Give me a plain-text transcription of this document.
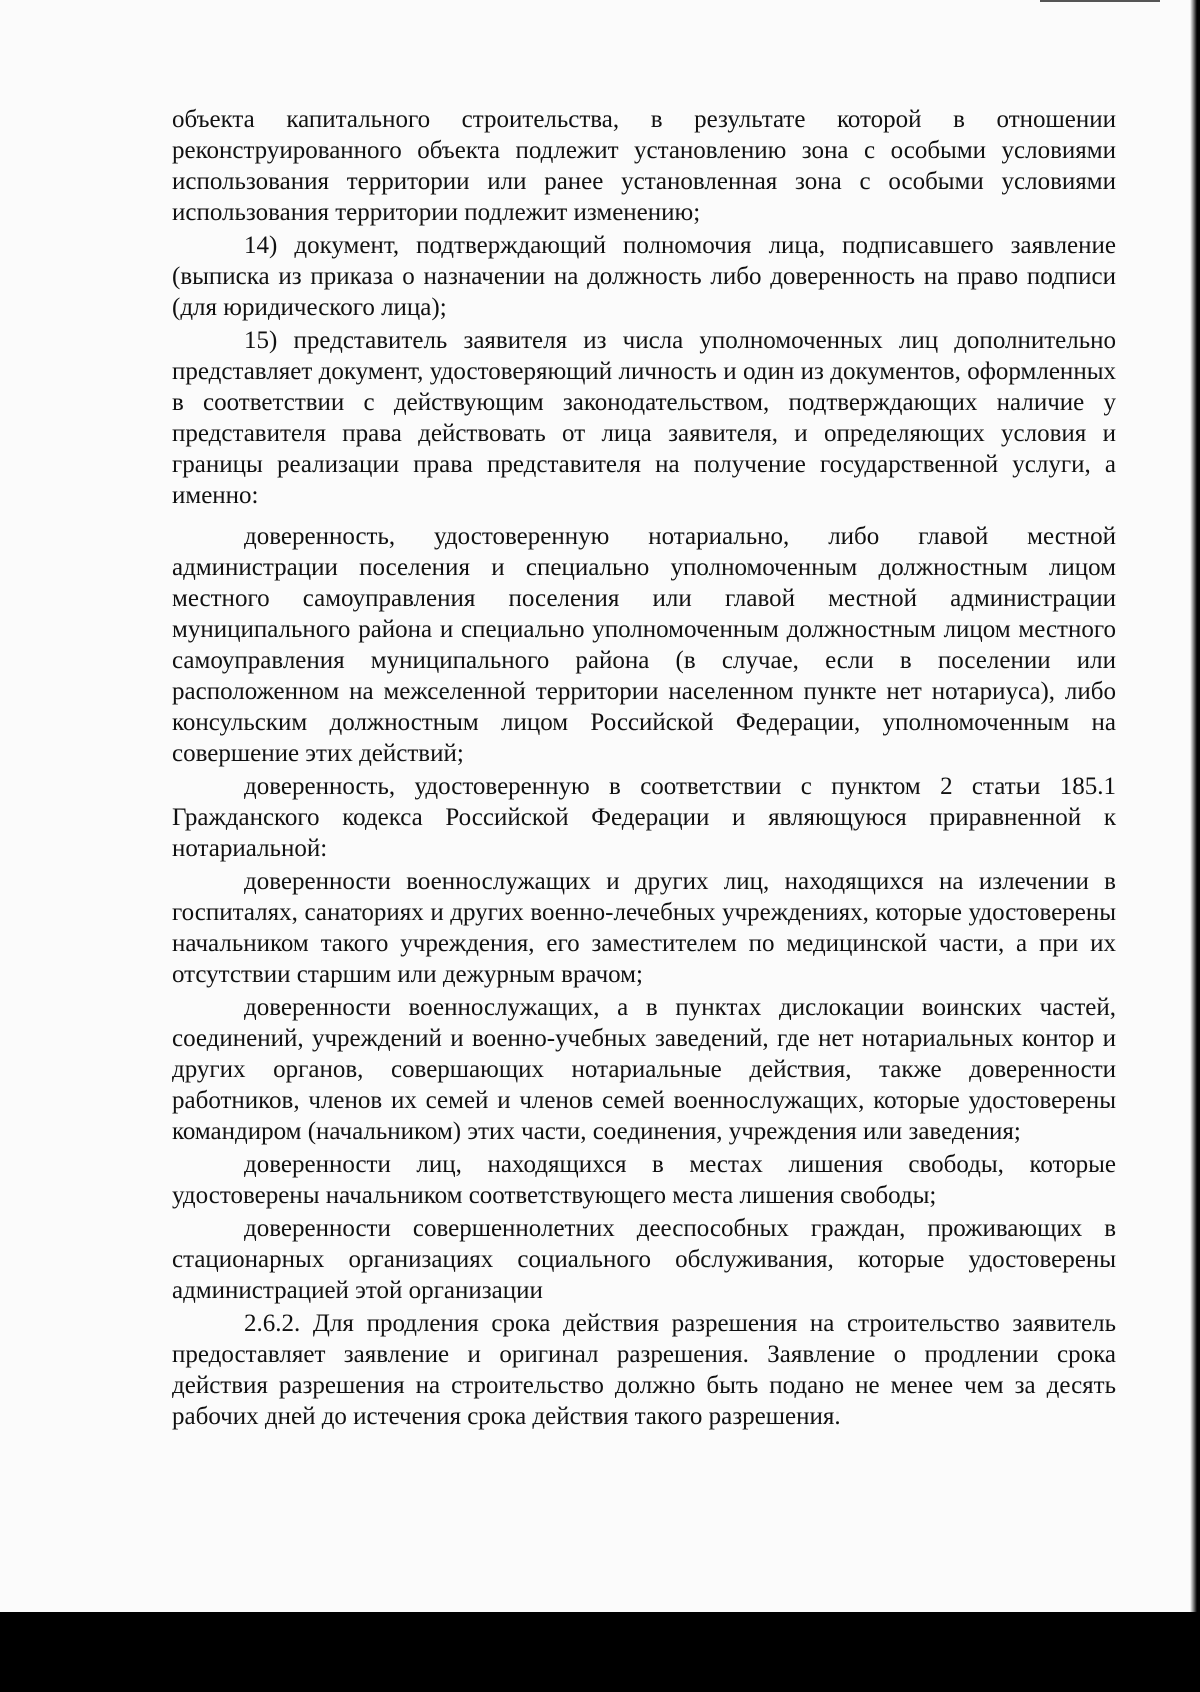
объекта капитального строительства, в результате которой в отношении реконструированного объекта подлежит установлению зона с особыми условиями использования территории или ранее установленная зона с особыми условиями использования территории подлежит изменению;

14) документ, подтверждающий полномочия лица, подписавшего заявление (выписка из приказа о назначении на должность либо доверенность на право подписи (для юридического лица);

15) представитель заявителя из числа уполномоченных лиц дополнительно представляет документ, удостоверяющий личность и один из документов, оформленных в соответствии с действующим законодательством, подтверждающих наличие у представителя права действовать от лица заявителя, и определяющих условия и границы реализации права представителя на получение государственной услуги, а именно:

доверенность, удостоверенную нотариально, либо главой местной администрации поселения и специально уполномоченным должностным лицом местного самоуправления поселения или главой местной администрации муниципального района и специально уполномоченным должностным лицом местного самоуправления муниципального района (в случае, если в поселении или расположенном на межселенной территории населенном пункте нет нотариуса), либо консульским должностным лицом Российской Федерации, уполномоченным на совершение этих действий;

доверенность, удостоверенную в соответствии с пунктом 2 статьи 185.1 Гражданского кодекса Российской Федерации и являющуюся приравненной к нотариальной:

доверенности военнослужащих и других лиц, находящихся на излечении в госпиталях, санаториях и других военно-лечебных учреждениях, которые удостоверены начальником такого учреждения, его заместителем по медицинской части, а при их отсутствии старшим или дежурным врачом;

доверенности военнослужащих, а в пунктах дислокации воинских частей, соединений, учреждений и военно-учебных заведений, где нет нотариальных контор и других органов, совершающих нотариальные действия, также доверенности работников, членов их семей и членов семей военнослужащих, которые удостоверены командиром (начальником) этих части, соединения, учреждения или заведения;

доверенности лиц, находящихся в местах лишения свободы, которые удостоверены начальником соответствующего места лишения свободы;

доверенности совершеннолетних дееспособных граждан, проживающих в стационарных организациях социального обслуживания, которые удостоверены администрацией этой организации

2.6.2. Для продления срока действия разрешения на строительство заявитель предоставляет заявление и оригинал разрешения. Заявление о продлении срока действия разрешения на строительство должно быть подано не менее чем за десять рабочих дней до истечения срока действия такого разрешения.
